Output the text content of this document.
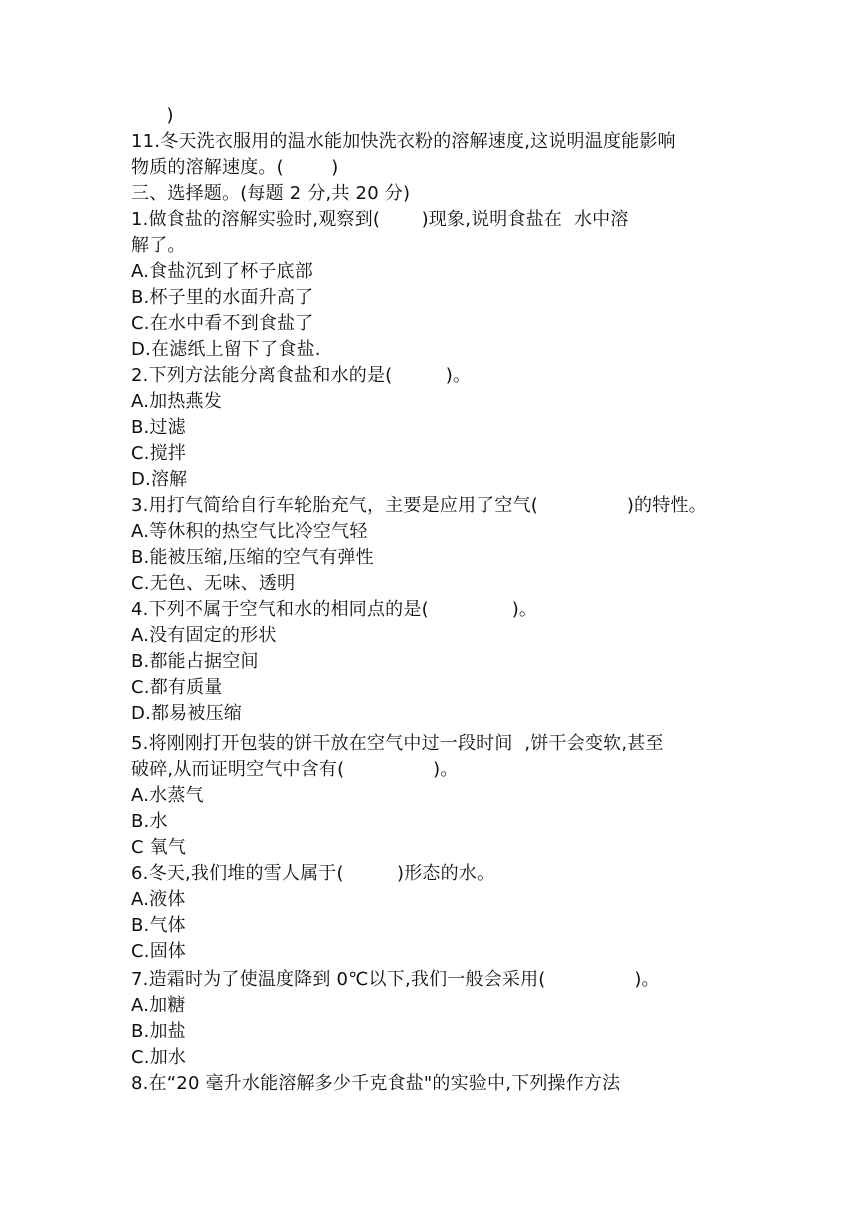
)
11.冬天洗衣服用的温水能加快洗衣粉的溶解速度,这说明温度能影响
物质的溶解速度。(        )
三、选择题。(每题 2 分,共 20 分)
1.做食盐的溶解实验时,观察到(       )现象,说明食盐在  水中溶
解了。
A.食盐沉到了杯子底部
B.杯子里的水面升高了
C.在水中看不到食盐了
D.在滤纸上留下了食盐.
2.下列方法能分离食盐和水的是(         )。
A.加热燕发
B.过滤
C.搅拌
D.溶解
3.用打气简给自行车轮胎充气，主要是应用了空气(               )的特性。
A.等休积的热空气比冷空气轻
B.能被压缩,压缩的空气有弹性
C.无色、无味、透明
4.下列不属于空气和水的相同点的是(              )。
A.没有固定的形状
B.都能占据空间
C.都有质量
D.都易被压缩
5.将刚刚打开包装的饼干放在空气中过一段时间  ,饼干会变软,甚至
破碎,从而证明空气中含有(               )。
A.水蒸气
B.水
C 氧气
6.冬天,我们堆的雪人属于(         )形态的水。
A.液体
B.气体
C.固体
7.造霜时为了使温度降到 0℃以下,我们一般会采用(               )。
A.加糖
B.加盐
C.加水
8.在“20 毫升水能溶解多少千克食盐"的实验中,下列操作方法
